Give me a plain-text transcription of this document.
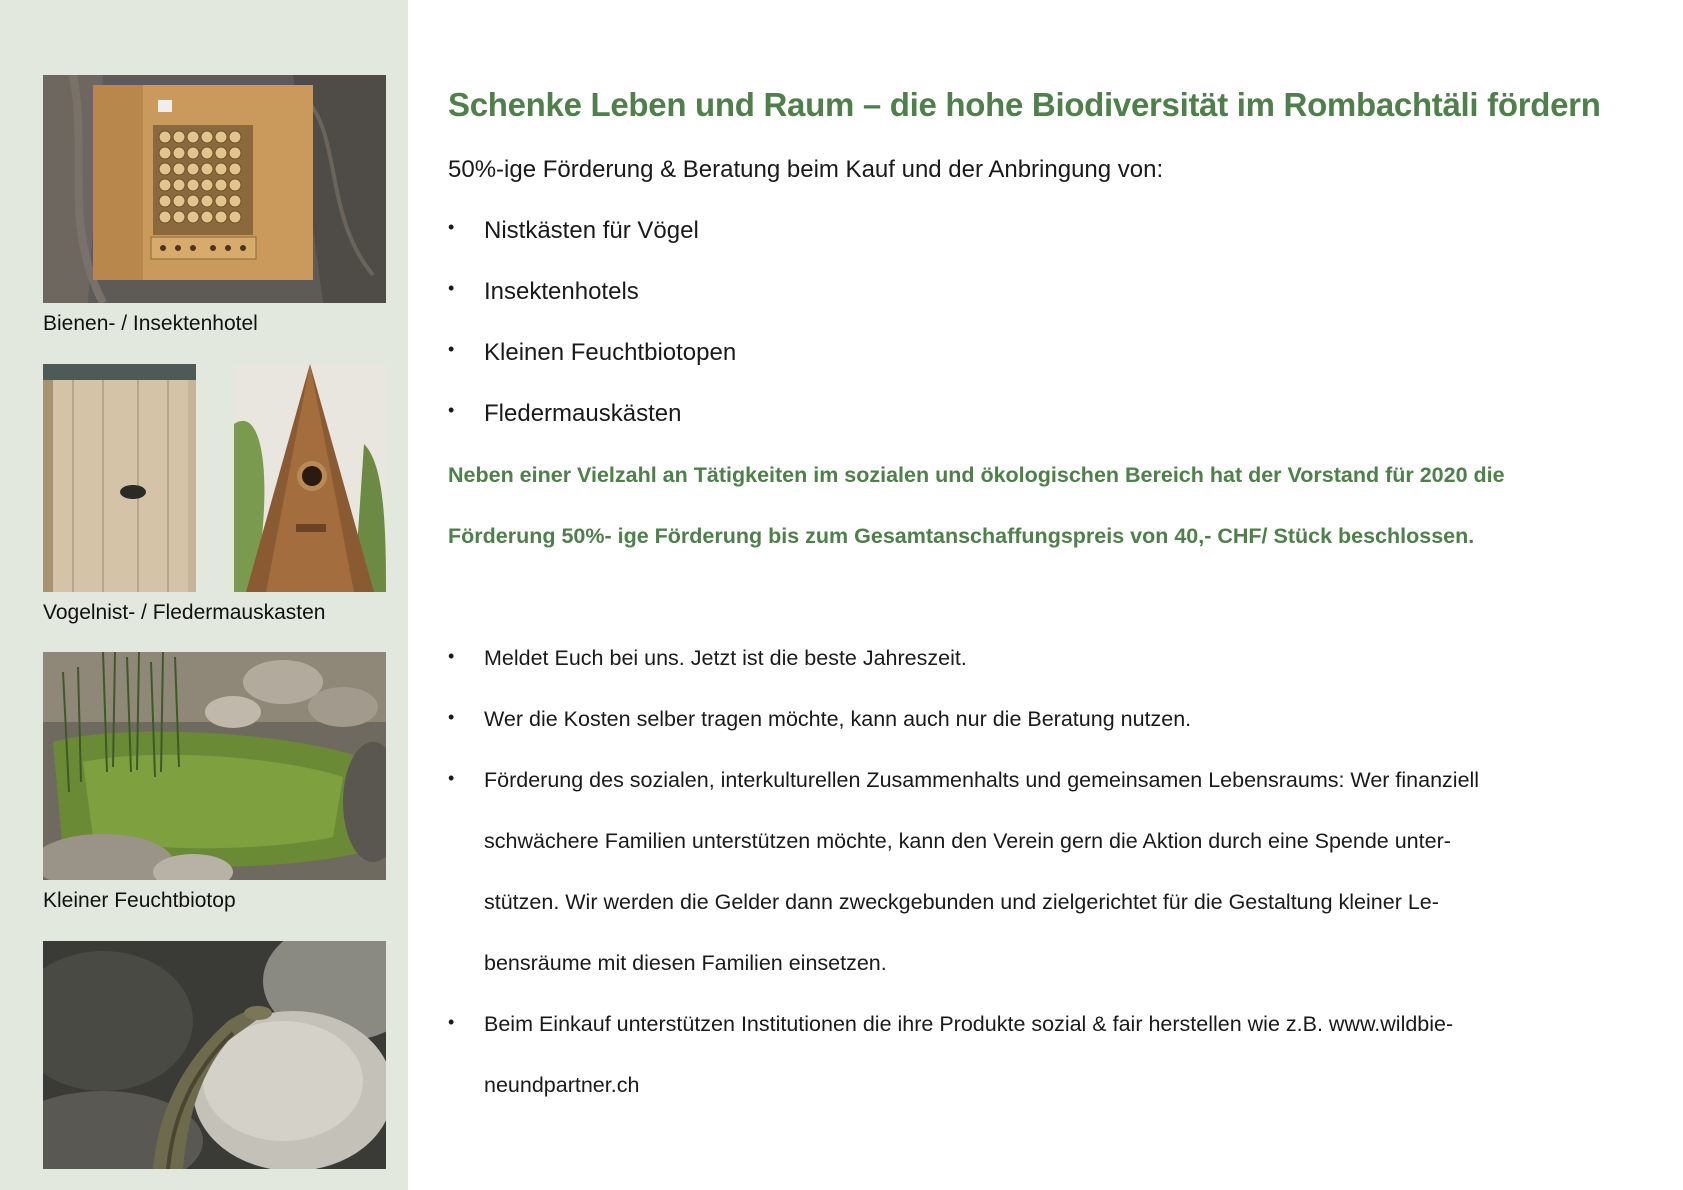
Bienen- / Insektenhotel
Vogelnist- / Fledermauskasten
Kleiner Feuchtbiotop
Schenke Leben und Raum – die hohe Biodiversität im Rombachtäli fördern
50%-ige Förderung & Beratung beim Kauf und der Anbringung von:
Nistkästen für Vögel
Insektenhotels
Kleinen Feuchtbiotopen
Fledermauskästen
Neben einer Vielzahl an Tätigkeiten im sozialen und ökologischen Bereich hat der Vorstand für 2020 die
Förderung 50%- ige Förderung bis zum Gesamtanschaffungspreis von 40,- CHF/ Stück beschlossen.
Meldet Euch bei uns. Jetzt ist die beste Jahreszeit.
Wer die Kosten selber tragen möchte, kann auch nur die Beratung nutzen.
Förderung des sozialen, interkulturellen Zusammenhalts und gemeinsamen Lebensraums: Wer finanziell
schwächere Familien unterstützen möchte, kann den Verein gern die Aktion durch eine Spende unter-
stützen. Wir werden die Gelder dann zweckgebunden und zielgerichtet für die Gestaltung kleiner Le-
bensräume mit diesen Familien einsetzen.
Beim Einkauf unterstützen Institutionen die ihre Produkte sozial & fair herstellen wie z.B. www.wildbie-
neundpartner.ch
